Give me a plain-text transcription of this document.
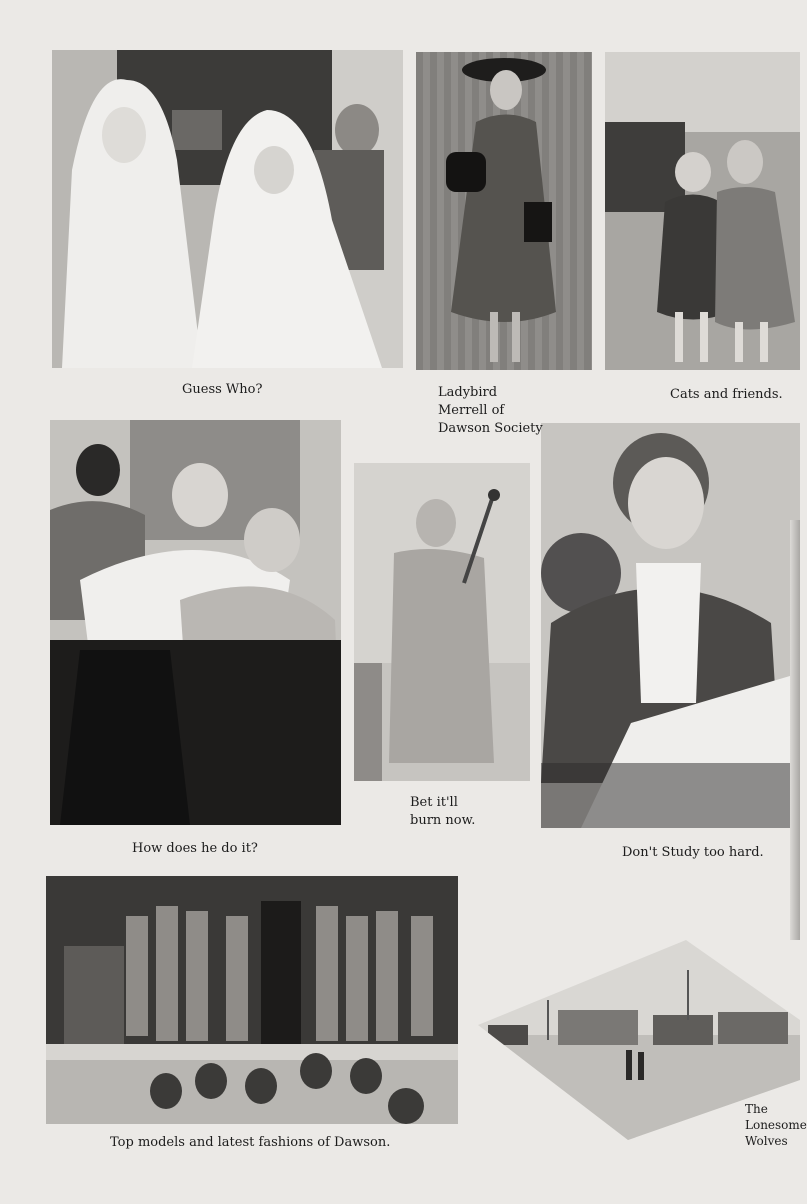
Guess Who?	Ladybird
Merrell of
Dawson Society
Cats and friends.
How does he do it?
Bet it'll
burn now.
Don't Study too hard.
Top models and latest fashions of Dawson.
The
Lonesome
Wolves
